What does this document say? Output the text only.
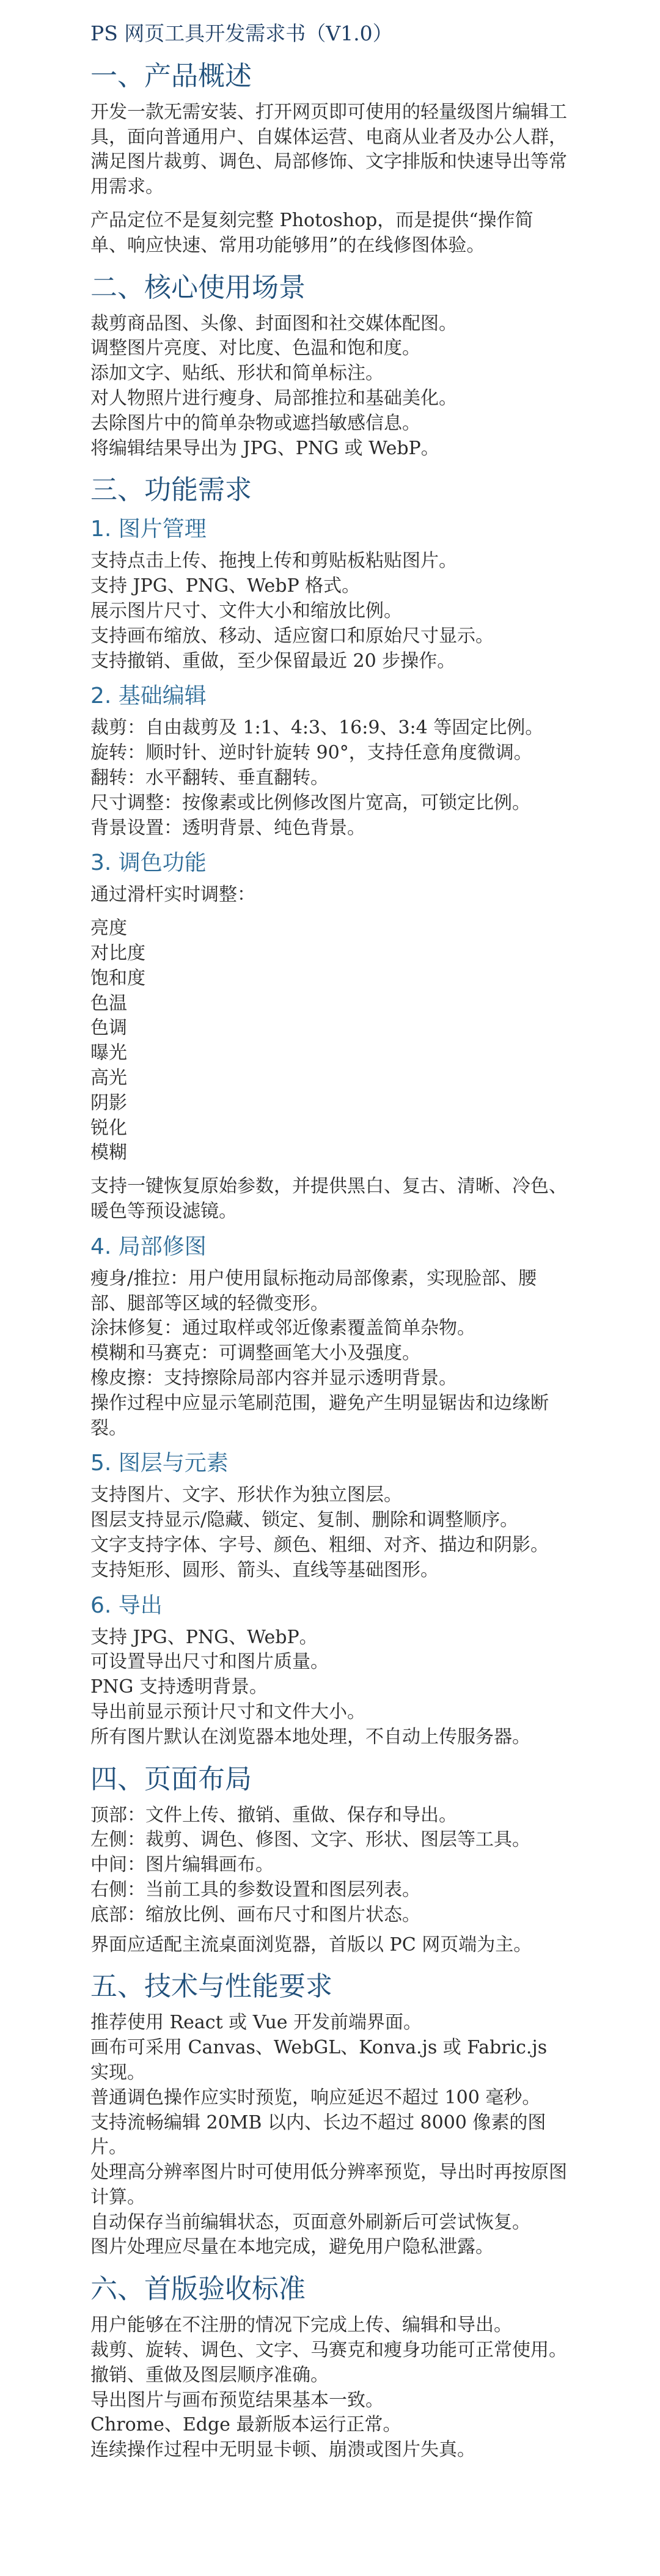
PS 网页工具开发需求书（V1.0）
一、产品概述

开发一款无需安装、打开网页即可使用的轻量级图片编辑工具，面向普通用户、自媒体运营、电商从业者及办公人群，满足图片裁剪、调色、局部修饰、文字排版和快速导出等常用需求。

产品定位不是复刻完整 Photoshop，而是提供“操作简单、响应快速、常用功能够用”的在线修图体验。

二、核心使用场景

裁剪商品图、头像、封面图和社交媒体配图。

调整图片亮度、对比度、色温和饱和度。

添加文字、贴纸、形状和简单标注。

对人物照片进行瘦身、局部推拉和基础美化。

去除图片中的简单杂物或遮挡敏感信息。

将编辑结果导出为 JPG、PNG 或 WebP。

三、功能需求
1. 图片管理

支持点击上传、拖拽上传和剪贴板粘贴图片。

支持 JPG、PNG、WebP 格式。

展示图片尺寸、文件大小和缩放比例。

支持画布缩放、移动、适应窗口和原始尺寸显示。

支持撤销、重做，至少保留最近 20 步操作。

2. 基础编辑

裁剪：自由裁剪及 1:1、4:3、16:9、3:4 等固定比例。

旋转：顺时针、逆时针旋转 90°，支持任意角度微调。

翻转：水平翻转、垂直翻转。

尺寸调整：按像素或比例修改图片宽高，可锁定比例。

背景设置：透明背景、纯色背景。

3. 调色功能

通过滑杆实时调整：

亮度

对比度

饱和度

色温

色调

曝光

高光

阴影

锐化

模糊

支持一键恢复原始参数，并提供黑白、复古、清晰、冷色、暖色等预设滤镜。

4. 局部修图

瘦身/推拉：用户使用鼠标拖动局部像素，实现脸部、腰部、腿部等区域的轻微变形。

涂抹修复：通过取样或邻近像素覆盖简单杂物。

模糊和马赛克：可调整画笔大小及强度。

橡皮擦：支持擦除局部内容并显示透明背景。

操作过程中应显示笔刷范围，避免产生明显锯齿和边缘断裂。

5. 图层与元素

支持图片、文字、形状作为独立图层。

图层支持显示/隐藏、锁定、复制、删除和调整顺序。

文字支持字体、字号、颜色、粗细、对齐、描边和阴影。

支持矩形、圆形、箭头、直线等基础图形。

6. 导出

支持 JPG、PNG、WebP。

可设置导出尺寸和图片质量。

PNG 支持透明背景。

导出前显示预计尺寸和文件大小。

所有图片默认在浏览器本地处理，不自动上传服务器。

四、页面布局

顶部：文件上传、撤销、重做、保存和导出。

左侧：裁剪、调色、修图、文字、形状、图层等工具。

中间：图片编辑画布。

右侧：当前工具的参数设置和图层列表。

底部：缩放比例、画布尺寸和图片状态。

界面应适配主流桌面浏览器，首版以 PC 网页端为主。

五、技术与性能要求

推荐使用 React 或 Vue 开发前端界面。

画布可采用 Canvas、WebGL、Konva.js 或 Fabric.js 实现。

普通调色操作应实时预览，响应延迟不超过 100 毫秒。

支持流畅编辑 20MB 以内、长边不超过 8000 像素的图片。

处理高分辨率图片时可使用低分辨率预览，导出时再按原图计算。

自动保存当前编辑状态，页面意外刷新后可尝试恢复。

图片处理应尽量在本地完成，避免用户隐私泄露。

六、首版验收标准

用户能够在不注册的情况下完成上传、编辑和导出。

裁剪、旋转、调色、文字、马赛克和瘦身功能可正常使用。

撤销、重做及图层顺序准确。

导出图片与画布预览结果基本一致。

Chrome、Edge 最新版本运行正常。

连续操作过程中无明显卡顿、崩溃或图片失真。
